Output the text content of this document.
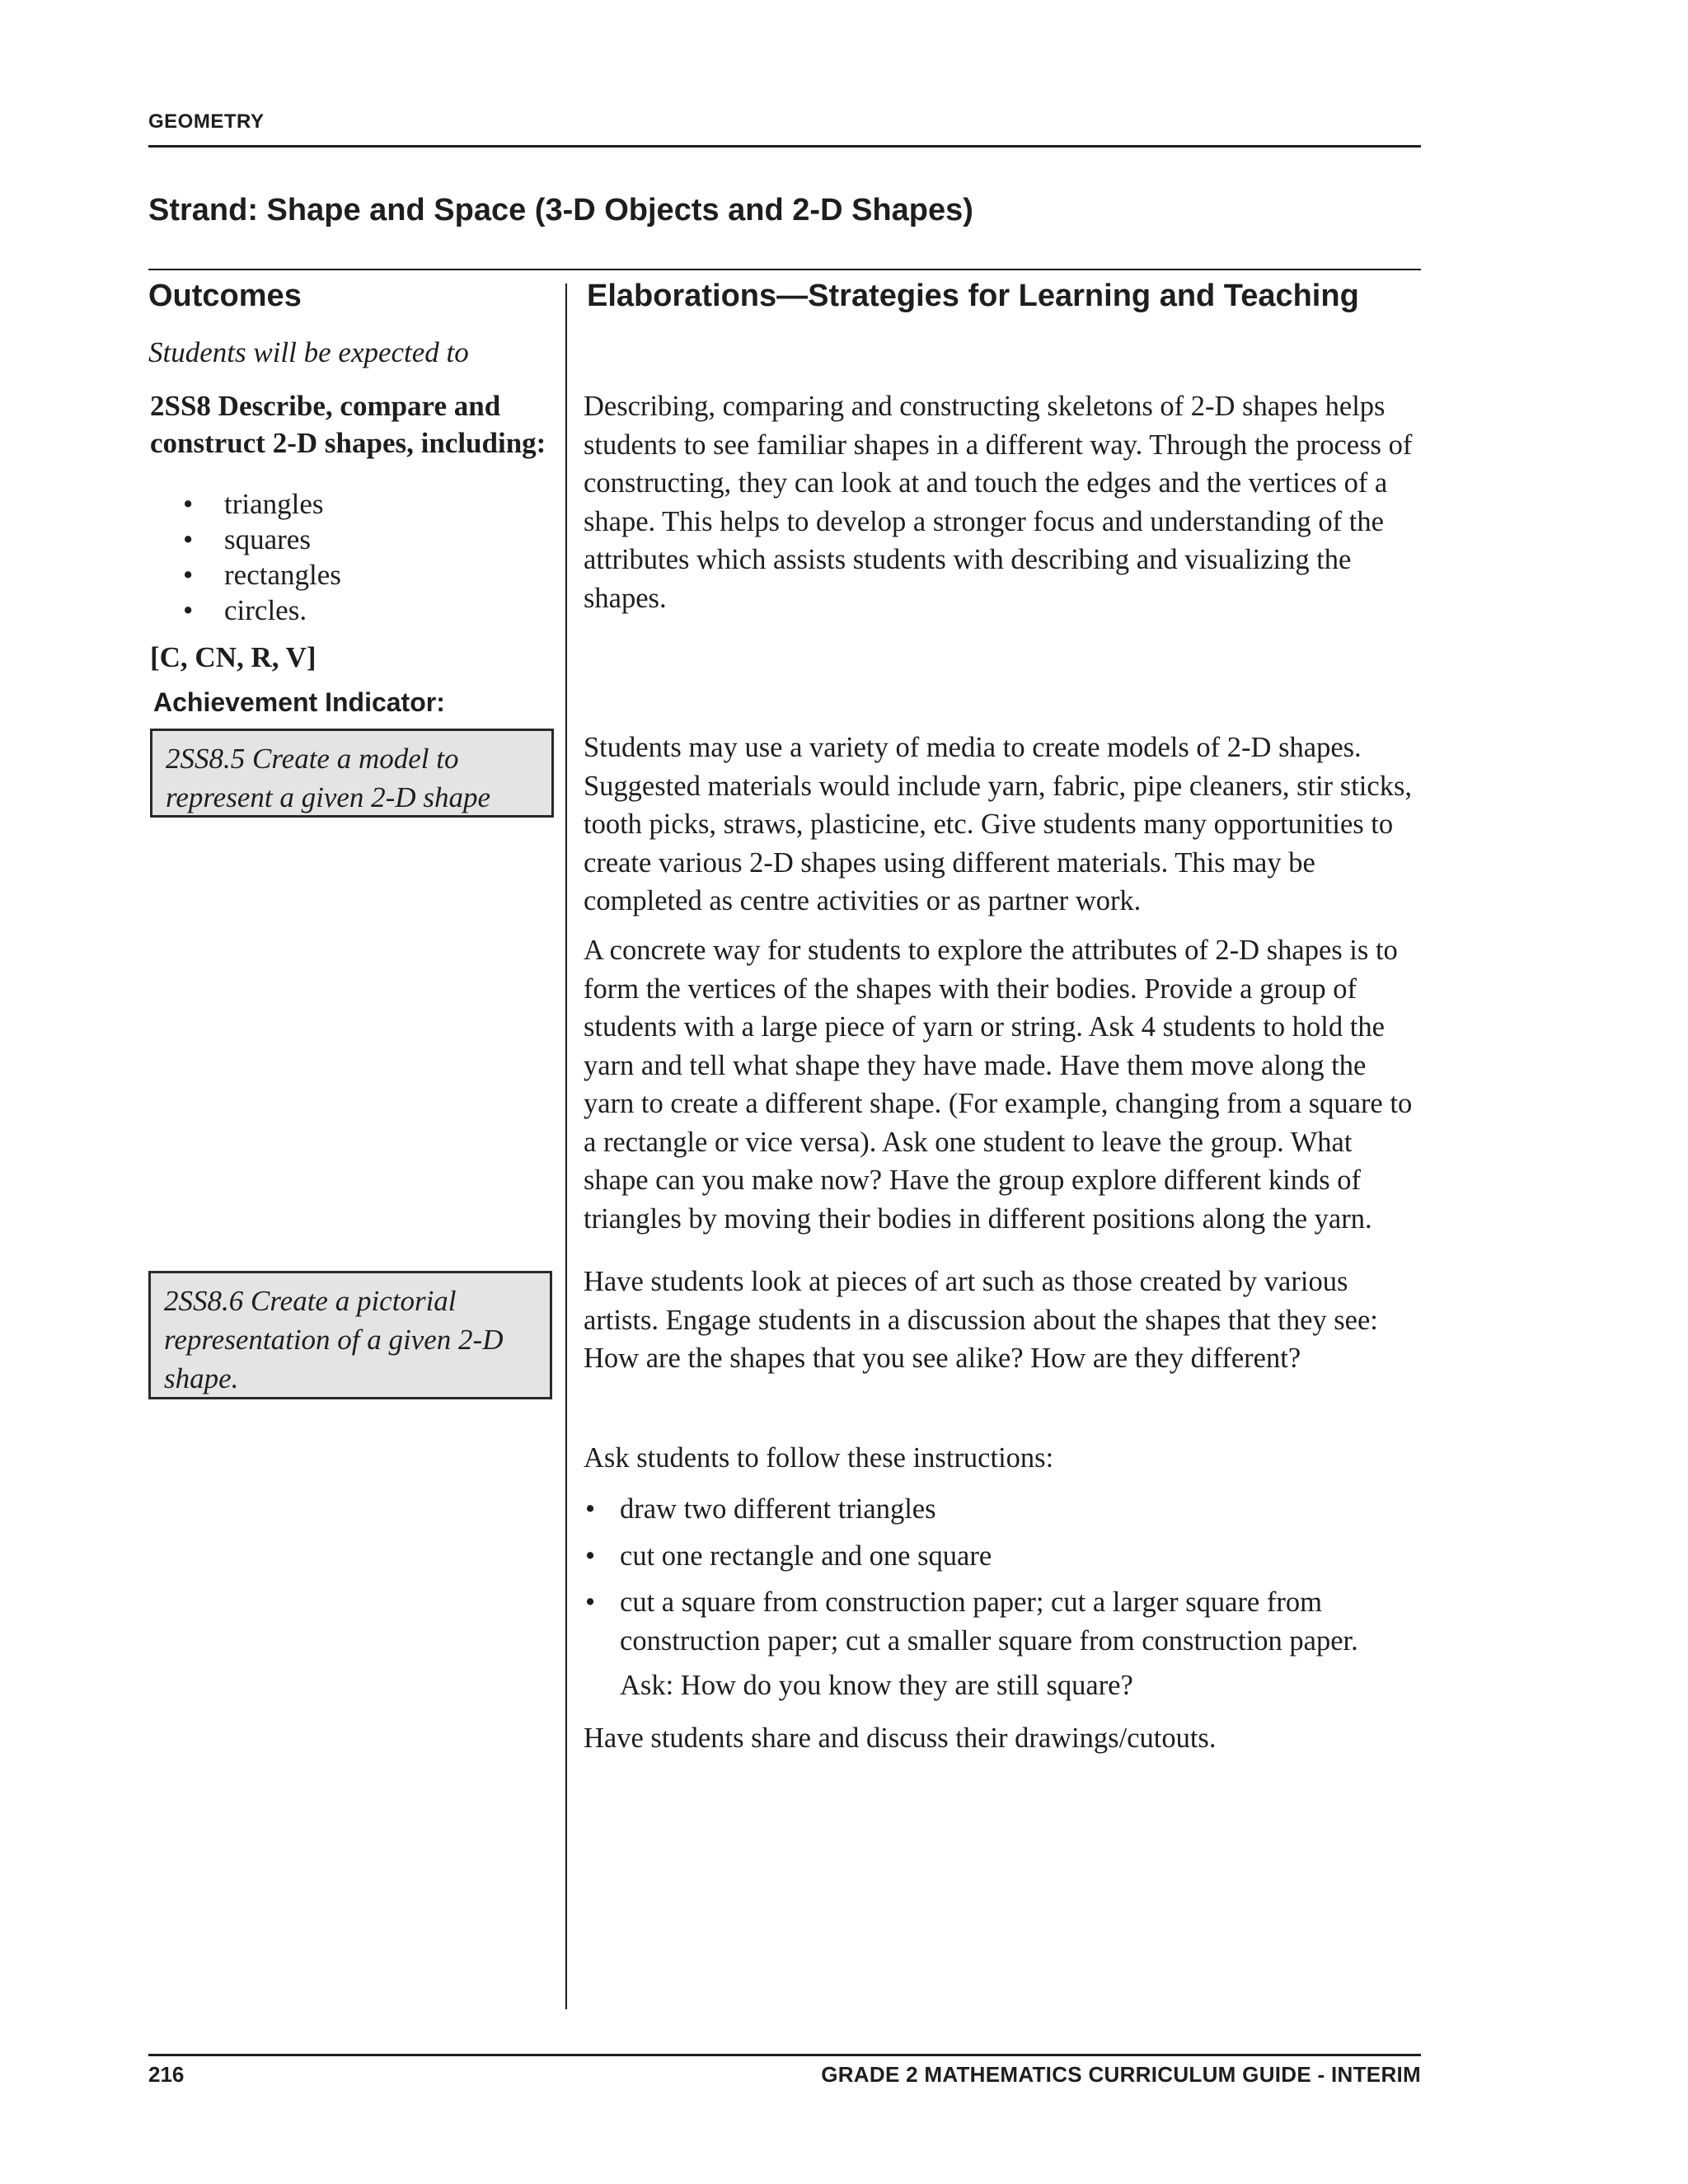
GEOMETRY
Strand: Shape and Space (3-D Objects and 2-D Shapes)
Outcomes	Elaborations—Strategies for Learning and Teaching
Students will be expected to
2SS8 Describe, compare and construct 2-D shapes, including:
• triangles
• squares
• rectangles
• circles.
[C, CN, R, V]
Achievement Indicator:
2SS8.5 Create a model to represent a given 2-D shape
2SS8.6 Create a pictorial representation of a given 2-D shape.
Describing, comparing and constructing skeletons of 2-D shapes helps students to see familiar shapes in a different way. Through the process of constructing, they can look at and touch the edges and the vertices of a shape. This helps to develop a stronger focus and understanding of the attributes which assists students with describing and visualizing the shapes.
Students may use a variety of media to create models of 2-D shapes. Suggested materials would include yarn, fabric, pipe cleaners, stir sticks, tooth picks, straws, plasticine, etc. Give students many opportunities to create various 2-D shapes using different materials. This may be completed as centre activities or as partner work.
A concrete way for students to explore the attributes of 2-D shapes is to form the vertices of the shapes with their bodies. Provide a group of students with a large piece of yarn or string. Ask 4 students to hold the yarn and tell what shape they have made. Have them move along the yarn to create a different shape. (For example, changing from a square to a rectangle or vice versa). Ask one student to leave the group. What shape can you make now? Have the group explore different kinds of triangles by moving their bodies in different positions along the yarn.
Have students look at pieces of art such as those created by various artists. Engage students in a discussion about the shapes that they see: How are the shapes that you see alike? How are they different?
Ask students to follow these instructions:
• draw two different triangles
• cut one rectangle and one square
• cut a square from construction paper; cut a larger square from construction paper; cut a smaller square from construction paper.
Ask: How do you know they are still square?
Have students share and discuss their drawings/cutouts.
216	GRADE 2 MATHEMATICS CURRICULUM GUIDE - INTERIM
